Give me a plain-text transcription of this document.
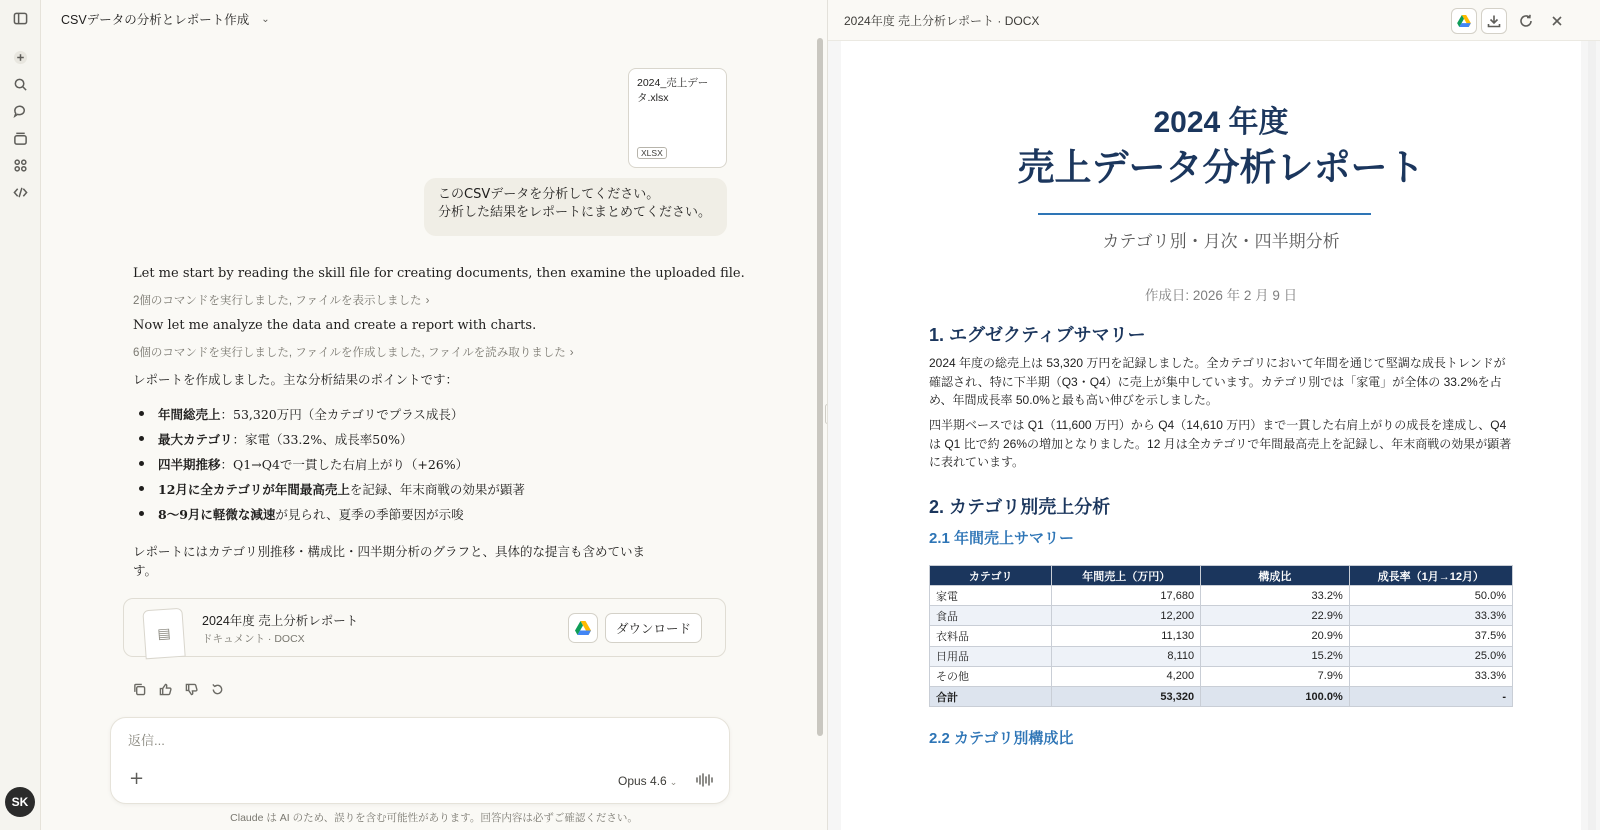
SK
CSVデータの分析とレポート作成 ⌄
2024_売上データ.xlsx
XLSX
このCSVデータを分析してください。
分析した結果をレポートにまとめてください。
Let me start by reading the skill file for creating documents, then examine the uploaded file.
2個のコマンドを実行しました, ファイルを表示しました ›
Now let me analyze the data and create a report with charts.
6個のコマンドを実行しました, ファイルを作成しました, ファイルを読み取りました ›
レポートを作成しました。主な分析結果のポイントです：
年間総売上 ：53,320万円（全カテゴリでプラス成長）
最大カテゴリ ：家電（33.2%、成長率50%）
四半期推移 ：Q1→Q4で一貫した右肩上がり（+26%）
12月に全カテゴリが年間最高売上 を記録、年末商戦の効果が顕著
8〜9月に軽微な減速 が見られ、夏季の季節要因が示唆
レポートにはカテゴリ別推移・構成比・四半期分析のグラフと、具体的な提言も含めていま
す。
▤
2024年度 売上分析レポート
ドキュメント · DOCX
ダウンロード
返信...
+	Opus 4.6 ⌄
Claude は AI のため、誤りを含む可能性があります。回答内容は必ずご確認ください。
2024年度 売上分析レポート · DOCX
2024 年度
売上データ分析レポート
カテゴリ別・月次・四半期分析
作成日: 2026 年 2 月 9 日
1. エグゼクティブサマリー
2024 年度の総売上は 53,320 万円を記録しました。全カテゴリにおいて年間を通じて堅調な成長トレンドが確認され、特に下半期（Q3・Q4）に売上が集中しています。カテゴリ別では「家電」が全体の 33.2%を占め、年間成長率 50.0%と最も高い伸びを示しました。
四半期ベースでは Q1（11,600 万円）から Q4（14,610 万円）まで一貫した右肩上がりの成長を達成し、Q4 は Q1 比で約 26%の増加となりました。12 月は全カテゴリで年間最高売上を記録し、年末商戦の効果が顕著に表れています。
2. カテゴリ別売上分析
2.1 年間売上サマリー
カテゴリ	年間売上（万円）	構成比	成長率（1月→12月）
家電	17,680	33.2%	50.0%
食品	12,200	22.9%	33.3%
衣料品	11,130	20.9%	37.5%
日用品	8,110	15.2%	25.0%
その他	4,200	7.9%	33.3%
合計	53,320	100.0%	-
2.2 カテゴリ別構成比
